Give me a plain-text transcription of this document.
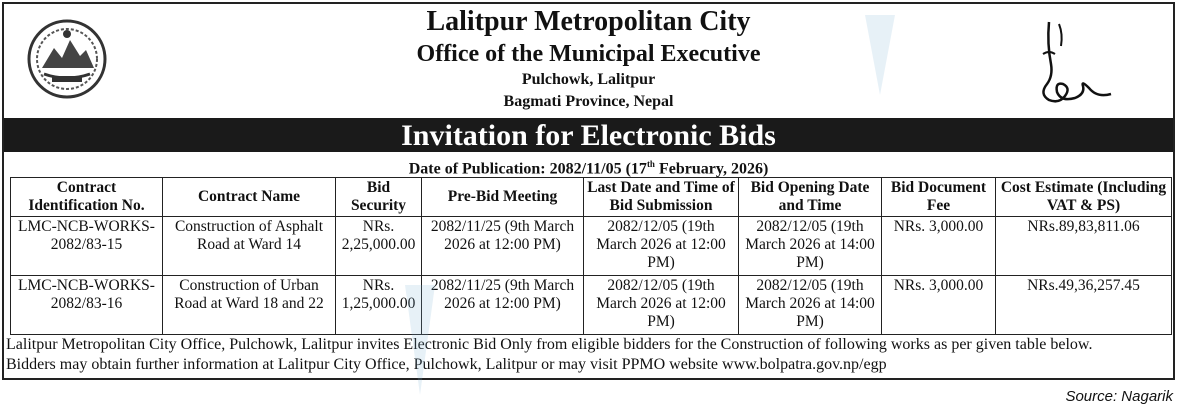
Lalitpur Metropolitan City
Office of the Municipal Executive
Pulchowk, Lalitpur
Bagmati Province, Nepal
Invitation for Electronic Bids
Date of Publication: 2082/11/05 (17th February, 2026)
Contract Identification No.	Contract Name	Bid Security	Pre-Bid Meeting	Last Date and Time of Bid Submission	Bid Opening Date and Time	Bid Document Fee	Cost Estimate (Including VAT & PS)
LMC-NCB-WORKS-2082/83-15	Construction of Asphalt Road at Ward 14	NRs. 2,25,000.00	2082/11/25 (9th March 2026 at 12:00 PM)	2082/12/05 (19th March 2026 at 12:00 PM)	2082/12/05 (19th March 2026 at 14:00 PM)	NRs. 3,000.00	NRs.89,83,811.06
LMC-NCB-WORKS-2082/83-16	Construction of Urban Road at Ward 18 and 22	NRs. 1,25,000.00	2082/11/25 (9th March 2026 at 12:00 PM)	2082/12/05 (19th March 2026 at 12:00 PM)	2082/12/05 (19th March 2026 at 14:00 PM)	NRs. 3,000.00	NRs.49,36,257.45
Lalitpur Metropolitan City Office, Pulchowk, Lalitpur invites Electronic Bid Only from eligible bidders for the Construction of following works as per given table below.
Bidders may obtain further information at Lalitpur City Office, Pulchowk, Lalitpur or may visit PPMO website www.bolpatra.gov.np/egp
Source: Nagarik
